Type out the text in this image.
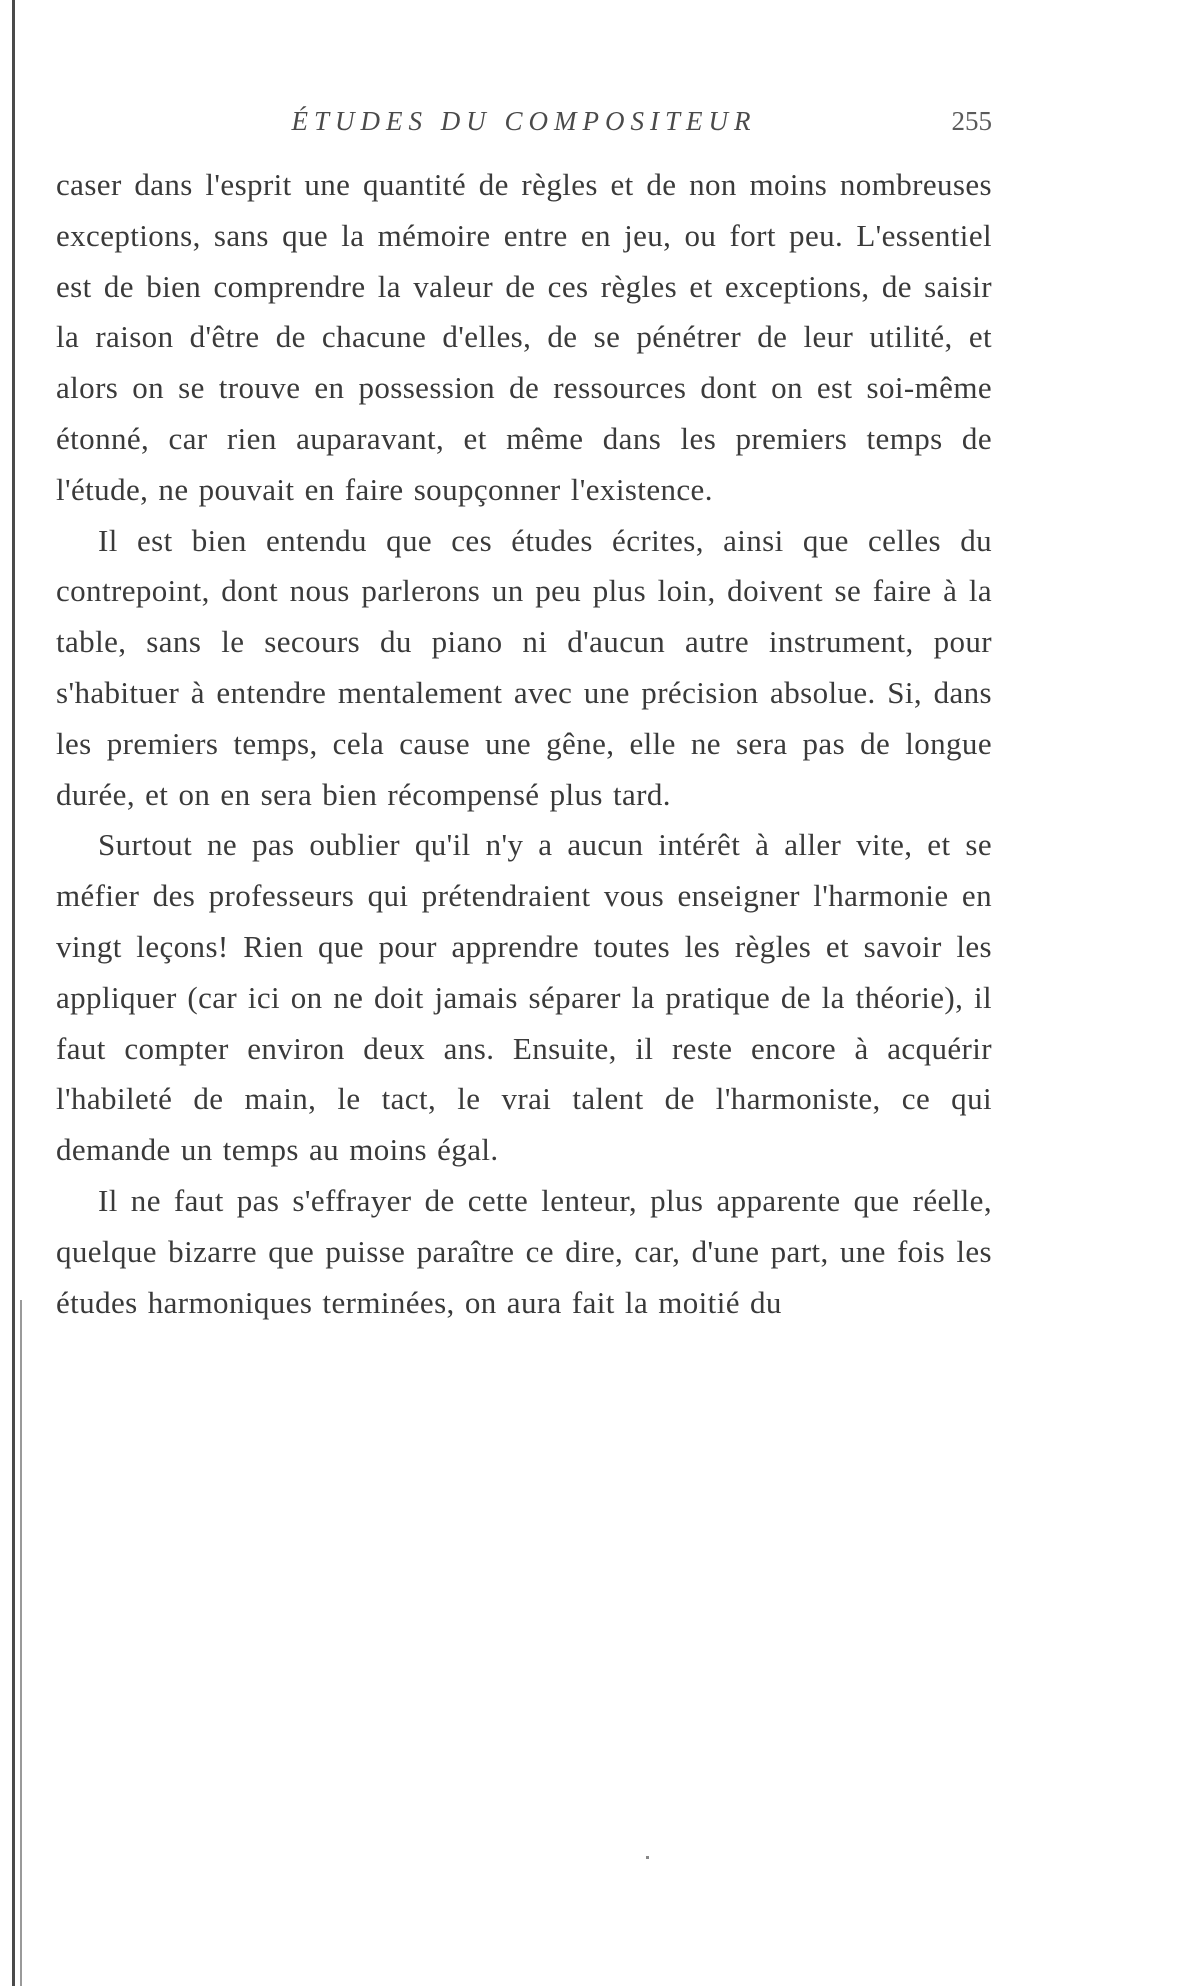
ÉTUDES DU COMPOSITEUR	255

caser dans l'esprit une quantité de règles et de non moins nombreuses exceptions, sans que la mémoire entre en jeu, ou fort peu. L'essentiel est de bien comprendre la valeur de ces règles et exceptions, de saisir la raison d'être de chacune d'elles, de se pénétrer de leur utilité, et alors on se trouve en possession de ressources dont on est soi-même étonné, car rien auparavant, et même dans les premiers temps de l'étude, ne pouvait en faire soupçonner l'existence.

Il est bien entendu que ces études écrites, ainsi que celles du contrepoint, dont nous parlerons un peu plus loin, doivent se faire à la table, sans le secours du piano ni d'aucun autre instrument, pour s'habituer à entendre mentalement avec une précision absolue. Si, dans les premiers temps, cela cause une gêne, elle ne sera pas de longue durée, et on en sera bien récompensé plus tard.

Surtout ne pas oublier qu'il n'y a aucun intérêt à aller vite, et se méfier des professeurs qui prétendraient vous enseigner l'harmonie en vingt leçons! Rien que pour apprendre toutes les règles et savoir les appliquer (car ici on ne doit jamais séparer la pratique de la théorie), il faut compter environ deux ans. Ensuite, il reste encore à acquérir l'habileté de main, le tact, le vrai talent de l'harmoniste, ce qui demande un temps au moins égal.

Il ne faut pas s'effrayer de cette lenteur, plus apparente que réelle, quelque bizarre que puisse paraître ce dire, car, d'une part, une fois les études harmoniques terminées, on aura fait la moitié du
